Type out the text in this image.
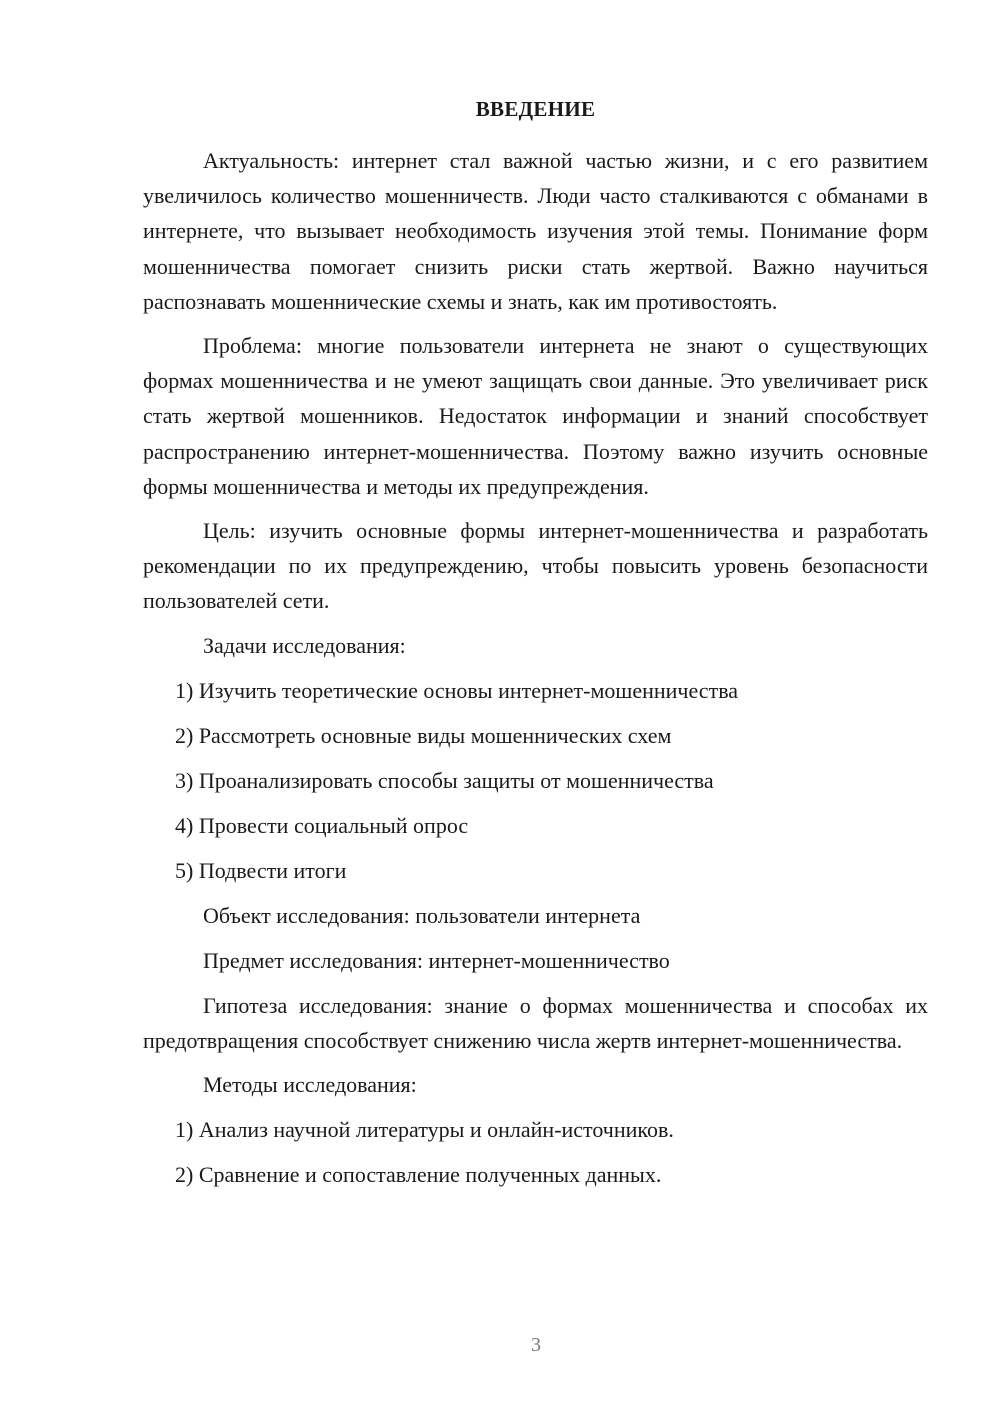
ВВЕДЕНИЕ

Актуальность: интернет стал важной частью жизни, и с его развитием увеличилось количество мошенничеств. Люди часто сталкиваются с обманами в интернете, что вызывает необходимость изучения этой темы. Понимание форм мошенничества помогает снизить риски стать жертвой. Важно научиться распознавать мошеннические схемы и знать, как им противостоять.

Проблема: многие пользователи интернета не знают о существующих формах мошенничества и не умеют защищать свои данные. Это увеличивает риск стать жертвой мошенников. Недостаток информации и знаний способствует распространению интернет-мошенничества. Поэтому важно изучить основные формы мошенничества и методы их предупреждения.

Цель: изучить основные формы интернет-мошенничества и разработать рекомендации по их предупреждению, чтобы повысить уровень безопасности пользователей сети.

Задачи исследования:
1) Изучить теоретические основы интернет-мошенничества
2) Рассмотреть основные виды мошеннических схем
3) Проанализировать способы защиты от мошенничества
4) Провести социальный опрос
5) Подвести итоги
Объект исследования: пользователи интернета
Предмет исследования: интернет-мошенничество

Гипотеза исследования: знание о формах мошенничества и способах их предотвращения способствует снижению числа жертв интернет-мошенничества.

Методы исследования:
1) Анализ научной литературы и онлайн-источников.
2) Сравнение и сопоставление полученных данных.
3
